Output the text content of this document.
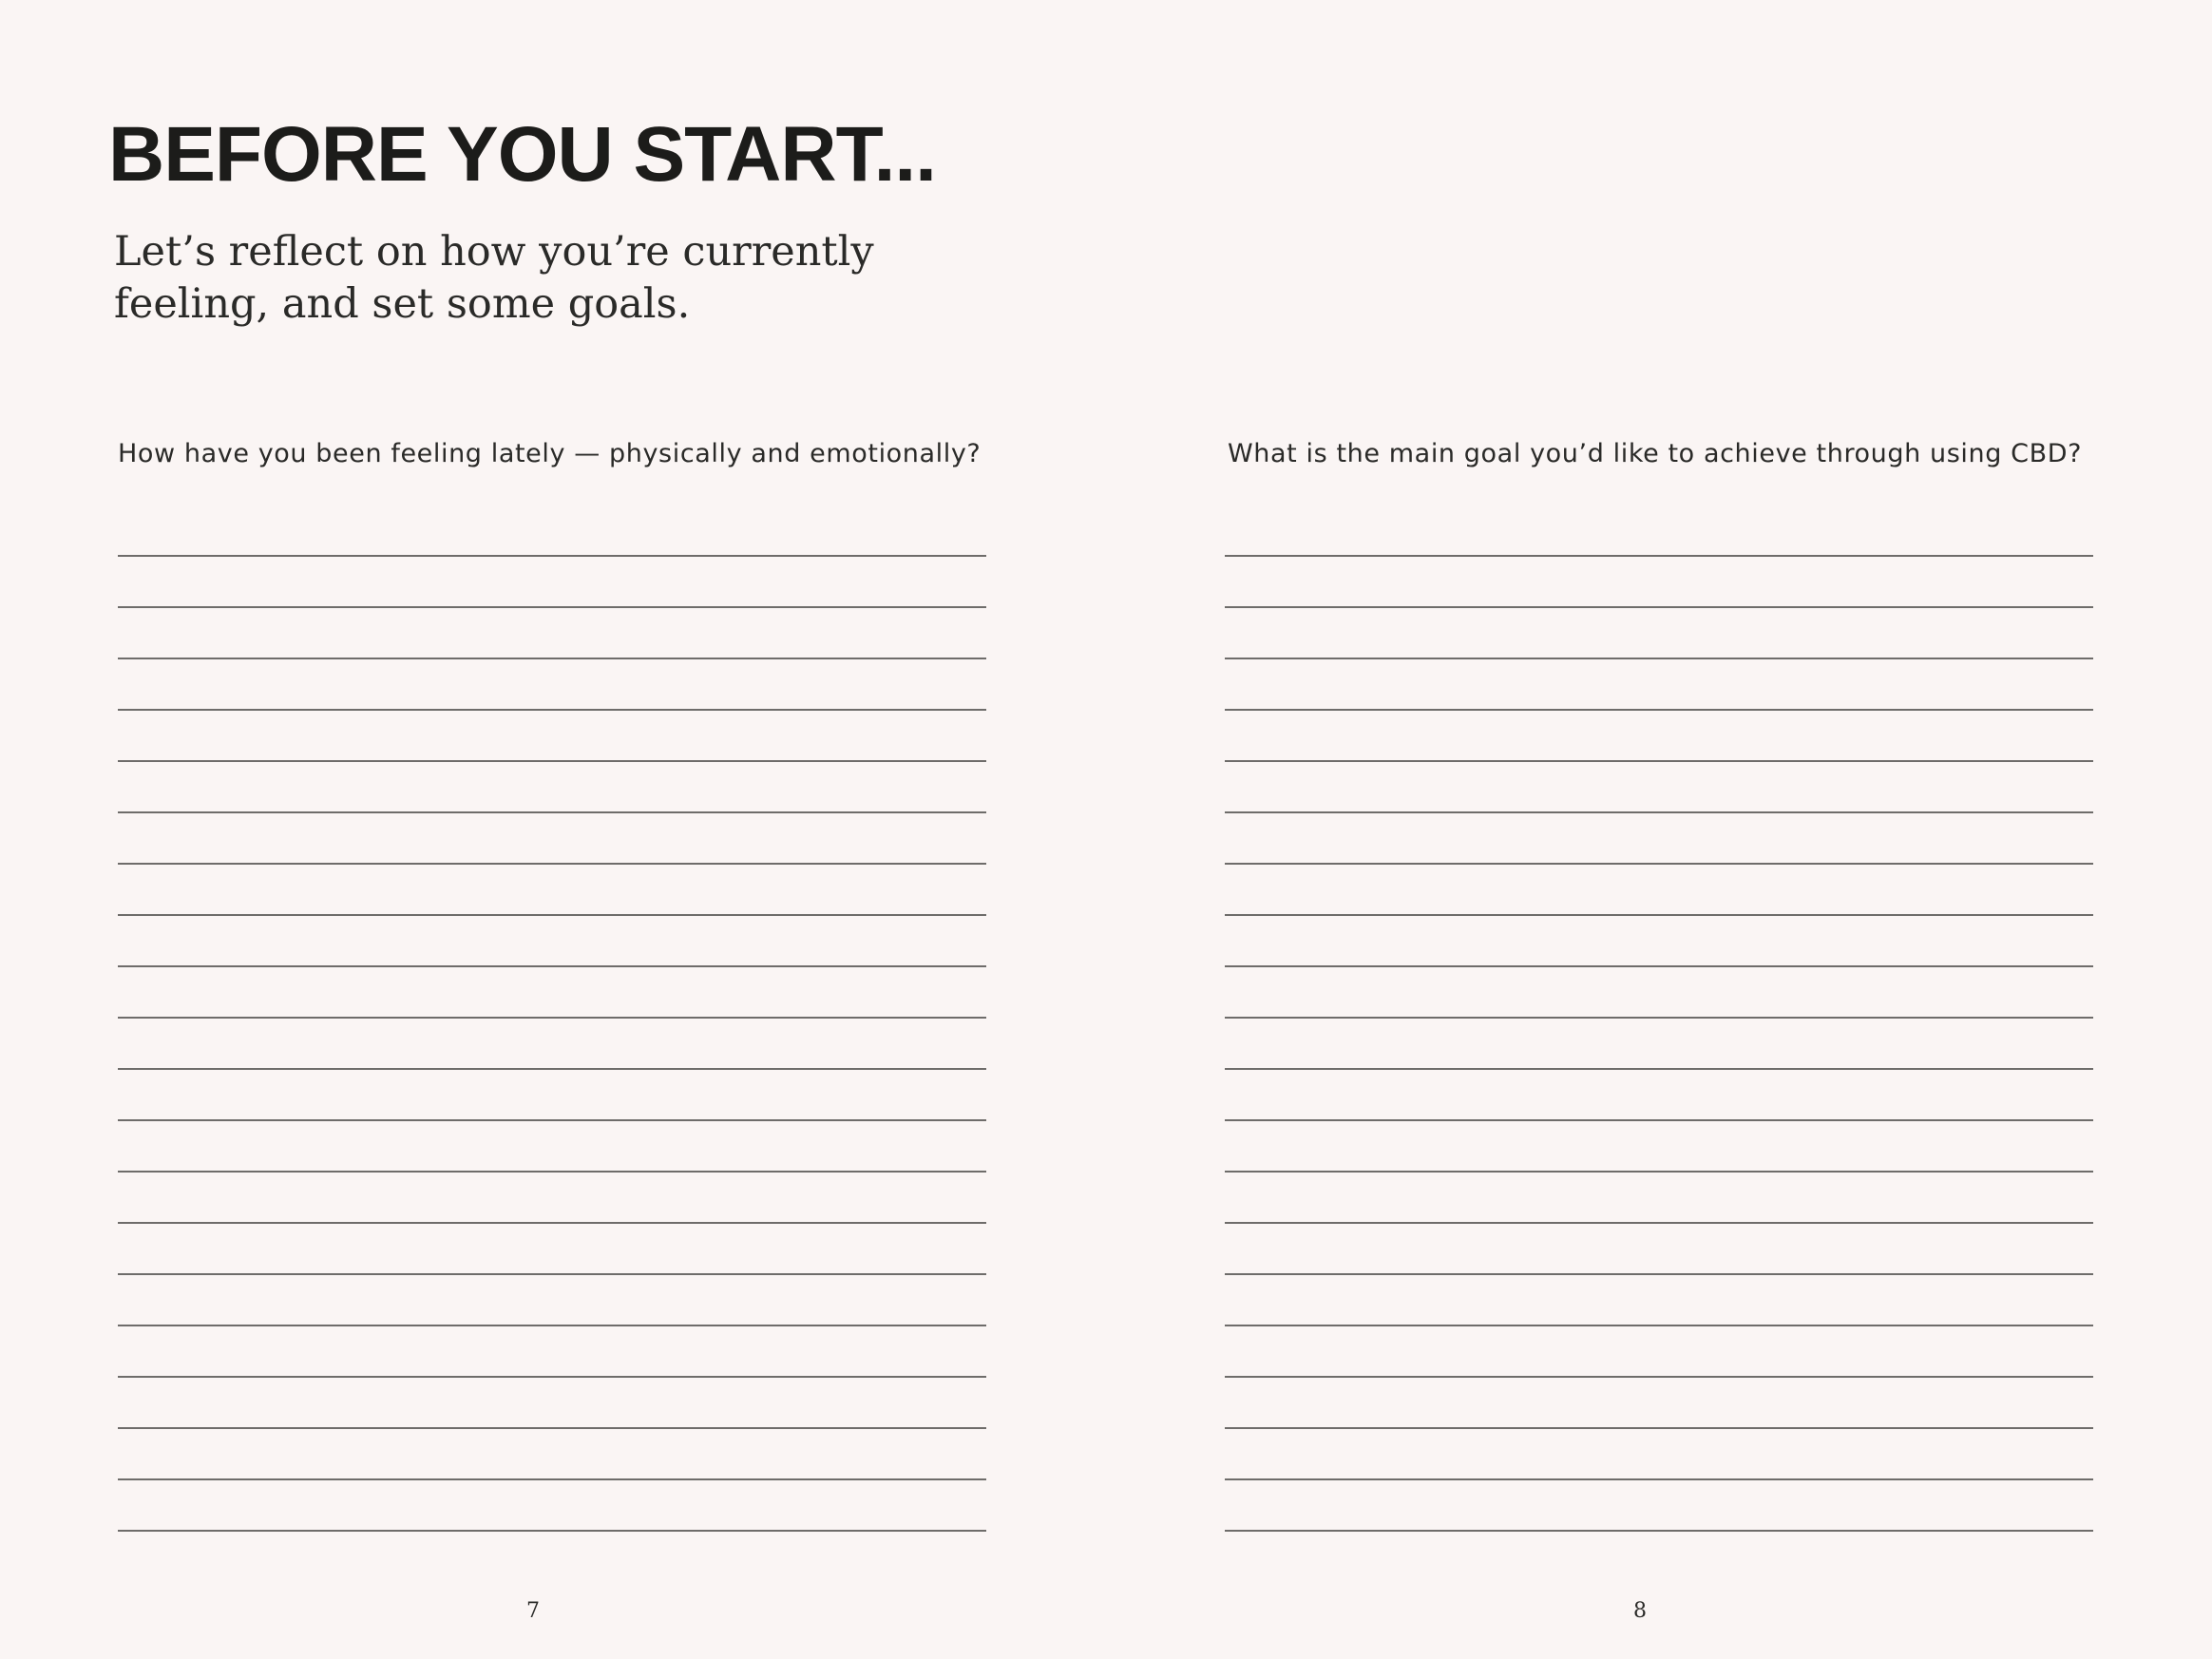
BEFORE YOU START...

Let’s reflect on how you’re currently
feeling, and set some goals.

How have you been feeling lately — physically and emotionally?	What is the main goal you’d like to achieve through using CBD?

7	8
